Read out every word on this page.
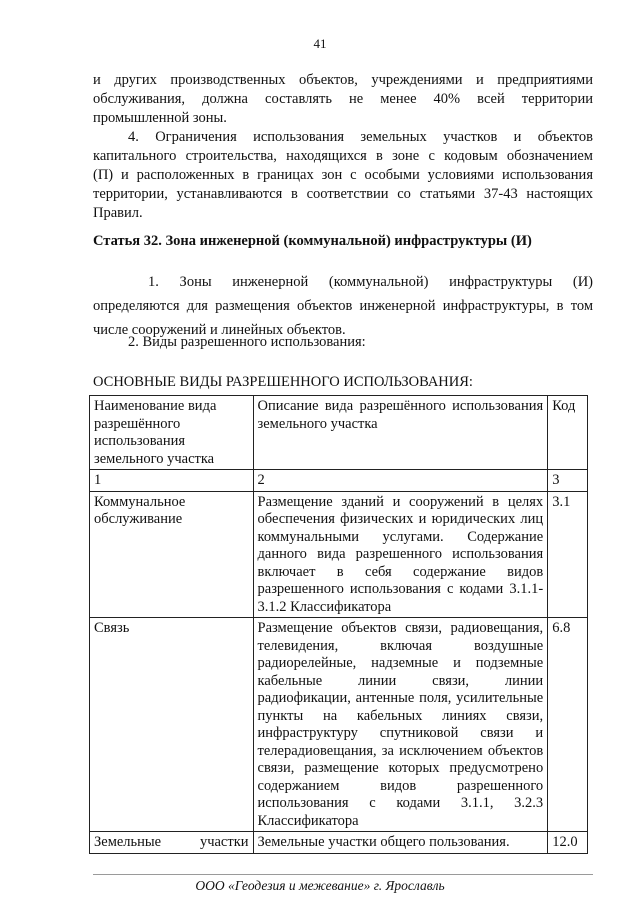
41
и других производственных объектов, учреждениями и предприятиями
обслуживания, должна составлять не менее 40% всей территории
промышленной зоны.
4. Ограничения использования земельных участков и объектов
капитального строительства, находящихся в зоне с кодовым обозначением
(П) и расположенных в границах зон с особыми условиями использования
территории, устанавливаются в соответствии со статьями 37-43 настоящих
Правил.
Статья 32. Зона инженерной (коммунальной) инфраструктуры (И)
1. Зоны инженерной (коммунальной) инфраструктуры (И)
определяются для размещения объектов инженерной инфраструктуры, в том
числе сооружений и линейных объектов.
2. Виды разрешенного использования:
ОСНОВНЫЕ ВИДЫ РАЗРЕШЕННОГО ИСПОЛЬЗОВАНИЯ:
Наименование вида разрешённого использования земельного участка	Описание вида разрешённого использования земельного участка	Код
1	2	3
Коммунальное обслуживание	Размещение зданий и сооружений в целях обеспечения физических и юридических лиц коммунальными услугами. Содержание данного вида разрешенного использования включает в себя содержание видов разрешенного использования с кодами 3.1.1-3.1.2 Классификатора	3.1
Связь	Размещение объектов связи, радиовещания, телевидения, включая воздушные радиорелейные, надземные и подземные кабельные линии связи, линии радиофикации, антенные поля, усилительные пункты на кабельных линиях связи, инфраструктуру спутниковой связи и телерадиовещания, за исключением объектов связи, размещение которых предусмотрено содержанием видов разрешенного использования с кодами 3.1.1, 3.2.3 Классификатора	6.8

Земельные участки	Земельные участки общего пользования.	12.0
ООО «Геодезия и межевание» г. Ярославль
